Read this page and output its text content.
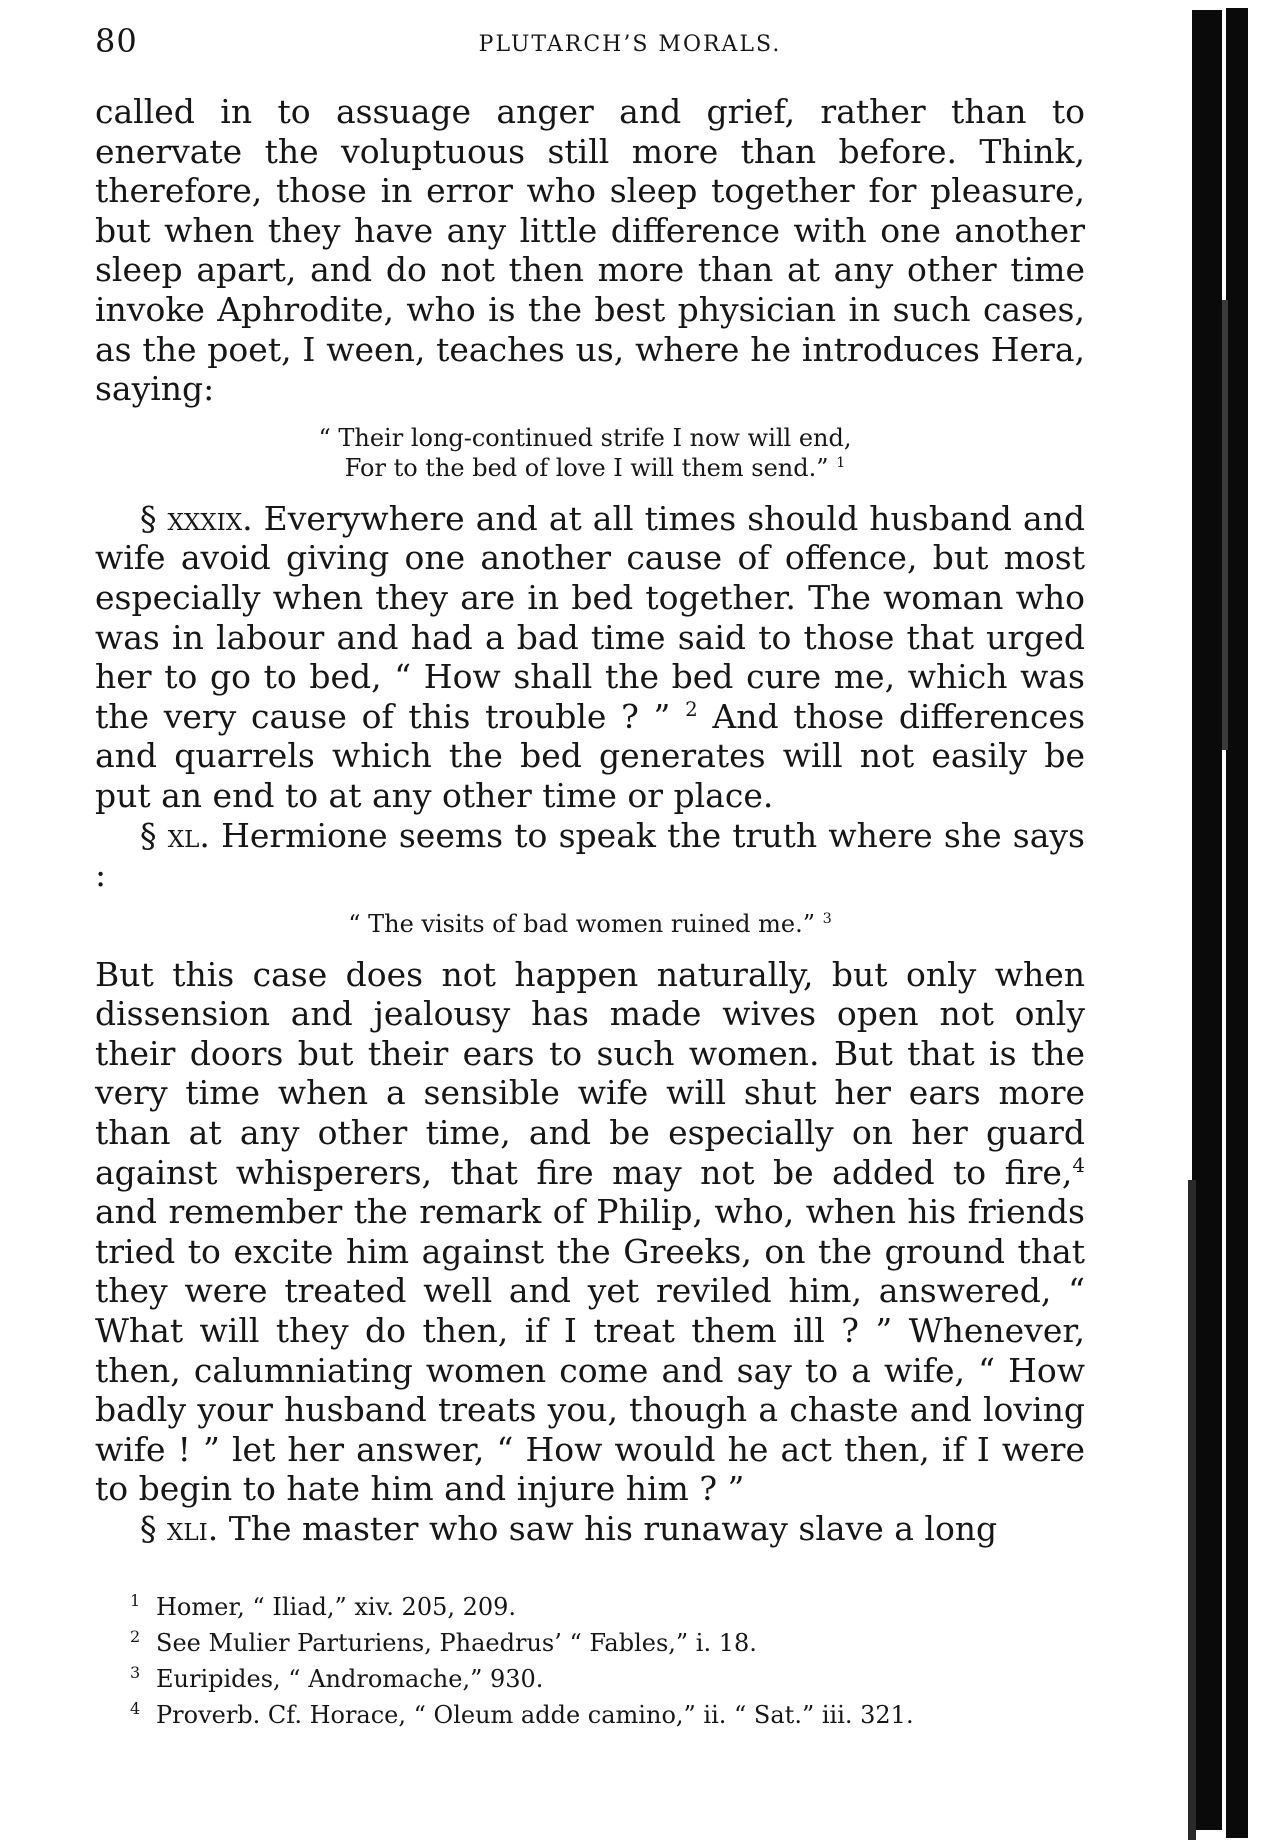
80	PLUTARCH’S MORALS.

called in to assuage anger and grief, rather than to enervate the voluptuous still more than before. Think, therefore, those in error who sleep together for pleasure, but when they have any little difference with one another sleep apart, and do not then more than at any other time invoke Aphrodite, who is the best physician in such cases, as the poet, I ween, teaches us, where he introduces Hera, saying:

“ Their long-continued strife I now will end,
For to the bed of love I will them send.” $^1$

§ xxxix. Everywhere and at all times should husband and wife avoid giving one another cause of offence, but most especially when they are in bed together. The woman who was in labour and had a bad time said to those that urged her to go to bed, “ How shall the bed cure me, which was the very cause of this trouble ? ” $^2$ And those differences and quarrels which the bed generates will not easily be put an end to at any other time or place.

§ xl. Hermione seems to speak the truth where she says :

“ The visits of bad women ruined me.” $^3$

But this case does not happen naturally, but only when dissension and jealousy has made wives open not only their doors but their ears to such women. But that is the very time when a sensible wife will shut her ears more than at any other time, and be especially on her guard against whisperers, that fire may not be added to fire,$^4$ and remember the remark of Philip, who, when his friends tried to excite him against the Greeks, on the ground that they were treated well and yet reviled him, answered, “ What will they do then, if I treat them ill ? ” Whenever, then, calumniating women come and say to a wife, “ How badly your husband treats you, though a chaste and loving wife ! ” let her answer, “ How would he act then, if I were to begin to hate him and injure him ? ”

§ xli. The master who saw his runaway slave a long

1 Homer, “ Iliad,” xiv. 205, 209.

2 See Mulier Parturiens, Phaedrus’ “ Fables,” i. 18.

3 Euripides, “ Andromache,” 930.

4 Proverb. Cf. Horace, “ Oleum adde camino,” ii. “ Sat.” iii. 321.
